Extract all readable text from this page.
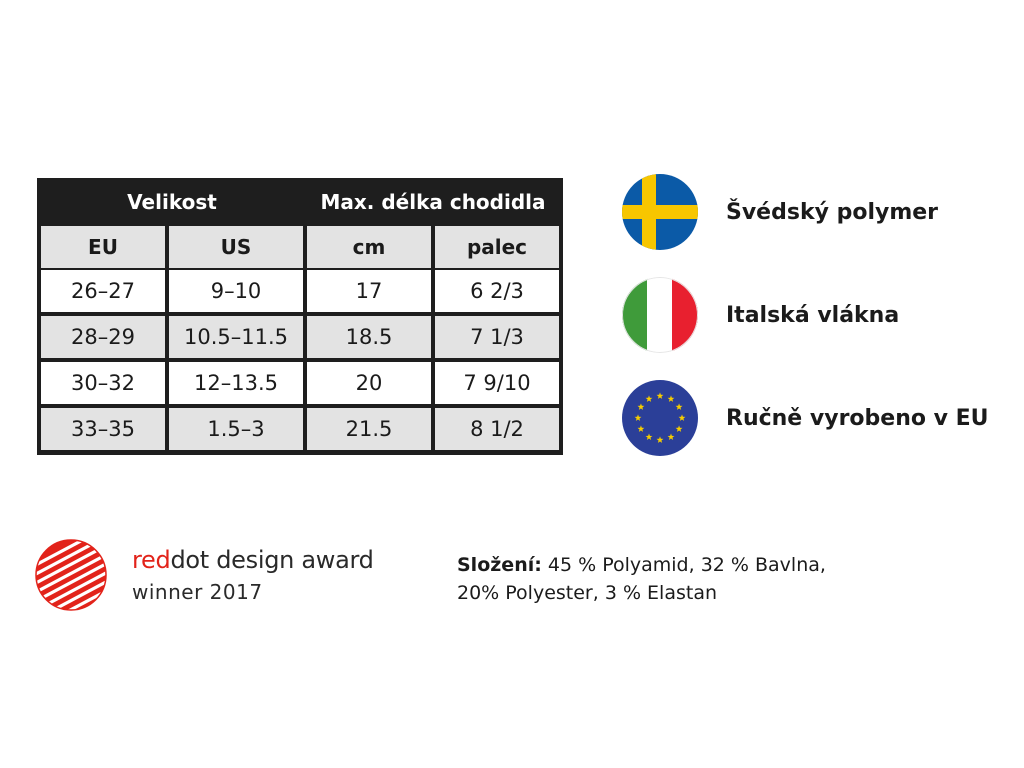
Velikost	Max. délka chodidla
EU	US	cm	palec
26–27	9–10	17	6 2/3
28–29	10.5–11.5	18.5	7 1/3
30–32	12–13.5	20	7 9/10
33–35	1.5–3	21.5	8 1/2
Švédský polymer
Italská vlákna
Ručně vyrobeno v EU
reddot design award
winner 2017
Složení: 45 % Polyamid, 32 % Bavlna,
20% Polyester, 3 % Elastan
